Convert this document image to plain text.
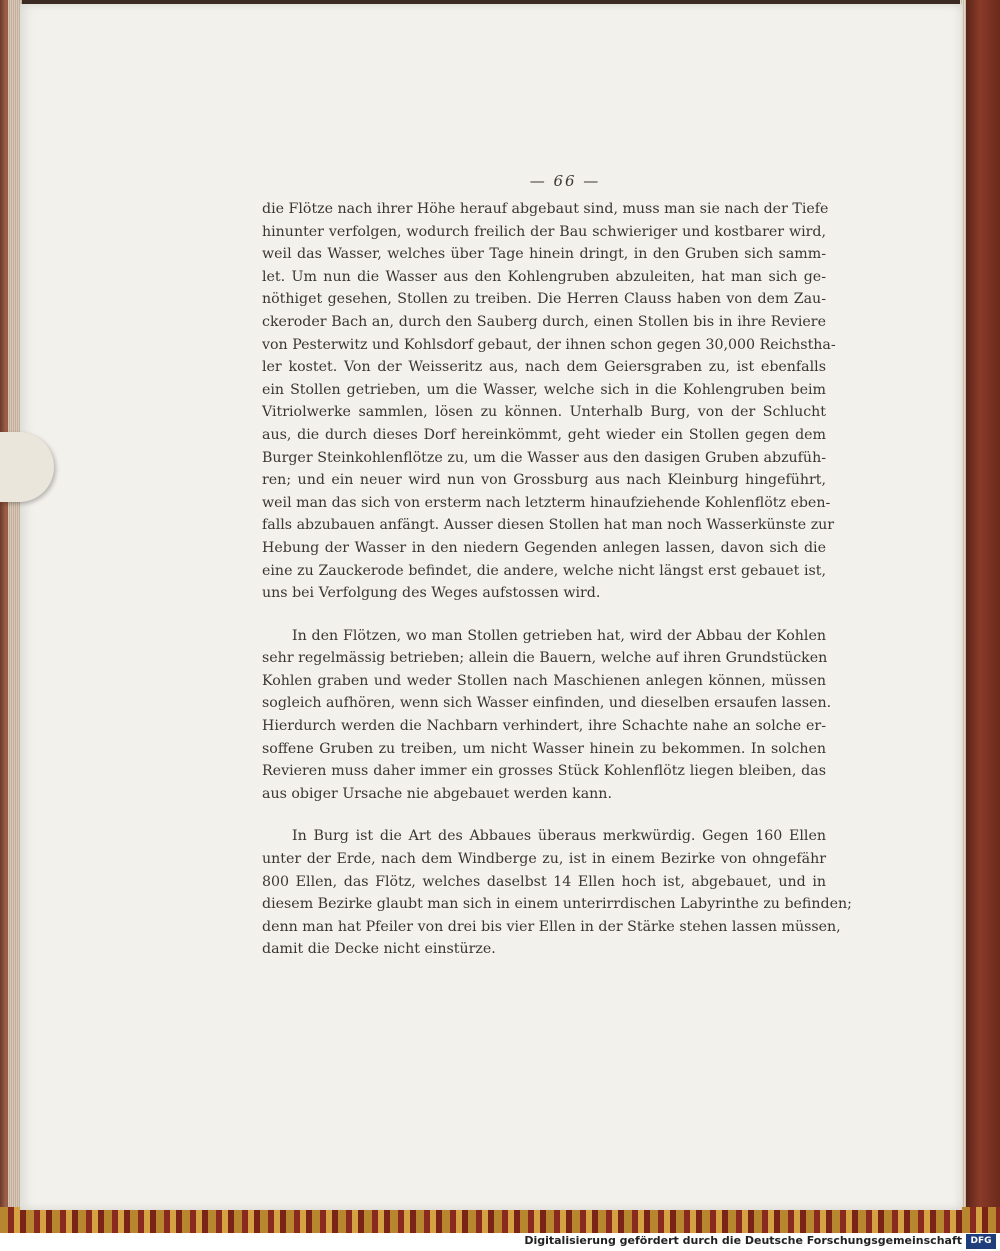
— 66 —
die Flötze nach ihrer Höhe herauf abgebaut sind, muss man sie nach der Tiefe
hinunter verfolgen, wodurch freilich der Bau schwieriger und kostbarer wird,
weil das Wasser, welches über Tage hinein dringt, in den Gruben sich samm-
let. Um nun die Wasser aus den Kohlengruben abzuleiten, hat man sich ge-
nöthiget gesehen, Stollen zu treiben. Die Herren Clauss haben von dem Zau-
ckeroder Bach an, durch den Sauberg durch, einen Stollen bis in ihre Reviere
von Pesterwitz und Kohlsdorf gebaut, der ihnen schon gegen 30,000 Reichstha-
ler kostet. Von der Weisseritz aus, nach dem Geiersgraben zu, ist ebenfalls
ein Stollen getrieben, um die Wasser, welche sich in die Kohlengruben beim
Vitriolwerke sammlen, lösen zu können. Unterhalb Burg, von der Schlucht
aus, die durch dieses Dorf hereinkömmt, geht wieder ein Stollen gegen dem
Burger Steinkohlenflötze zu, um die Wasser aus den dasigen Gruben abzufüh-
ren; und ein neuer wird nun von Grossburg aus nach Kleinburg hingeführt,
weil man das sich von ersterm nach letzterm hinaufziehende Kohlenflötz eben-
falls abzubauen anfängt. Ausser diesen Stollen hat man noch Wasserkünste zur
Hebung der Wasser in den niedern Gegenden anlegen lassen, davon sich die
eine zu Zauckerode befindet, die andere, welche nicht längst erst gebauet ist,
uns bei Verfolgung des Weges aufstossen wird.
In den Flötzen, wo man Stollen getrieben hat, wird der Abbau der Kohlen
sehr regelmässig betrieben; allein die Bauern, welche auf ihren Grundstücken
Kohlen graben und weder Stollen nach Maschienen anlegen können, müssen
sogleich aufhören, wenn sich Wasser einfinden, und dieselben ersaufen lassen.
Hierdurch werden die Nachbarn verhindert, ihre Schachte nahe an solche er-
soffene Gruben zu treiben, um nicht Wasser hinein zu bekommen. In solchen
Revieren muss daher immer ein grosses Stück Kohlenflötz liegen bleiben, das
aus obiger Ursache nie abgebauet werden kann.
In Burg ist die Art des Abbaues überaus merkwürdig. Gegen 160 Ellen
unter der Erde, nach dem Windberge zu, ist in einem Bezirke von ohngefähr
800 Ellen, das Flötz, welches daselbst 14 Ellen hoch ist, abgebauet, und in
diesem Bezirke glaubt man sich in einem unterirrdischen Labyrinthe zu befinden;
denn man hat Pfeiler von drei bis vier Ellen in der Stärke stehen lassen müssen,
damit die Decke nicht einstürze.
Digitalisierung gefördert durch die Deutsche Forschungsgemeinschaft DFG
